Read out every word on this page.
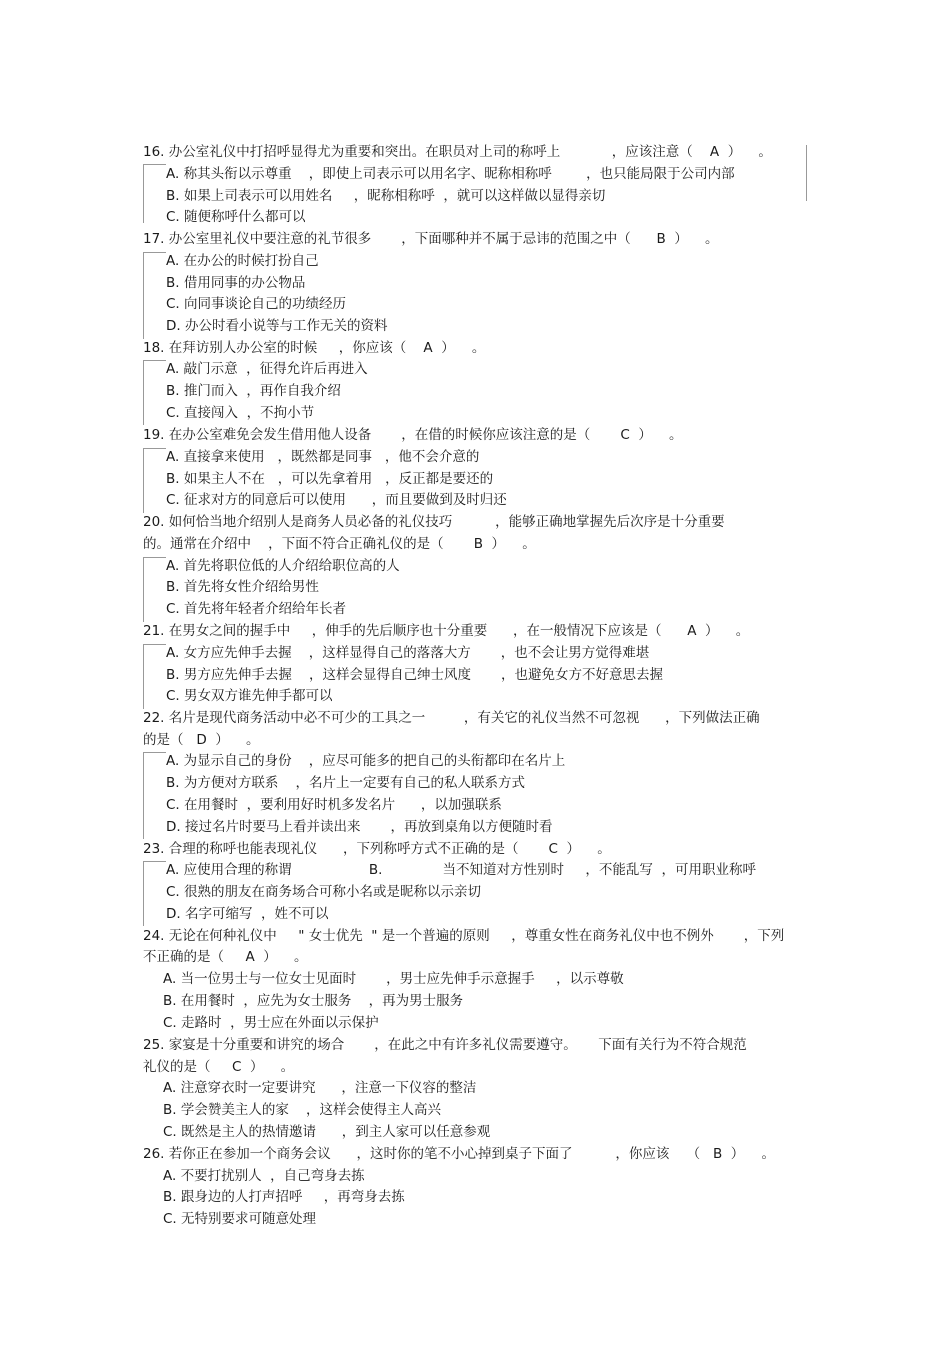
16. 办公室礼仪中打招呼显得尤为重要和突出。在职员对上司的称呼上            ，应该注意（    A  ）    。
A. 称其头衔以示尊重    ，即使上司表示可以用名字、昵称相称呼        ，也只能局限于公司内部
B. 如果上司表示可以用姓名     ，昵称相称呼  ，就可以这样做以显得亲切
C. 随便称呼什么都可以
17. 办公室里礼仪中要注意的礼节很多       ，下面哪种并不属于忌讳的范围之中（      B  ）    。
A. 在办公的时候打扮自己
B. 借用同事的办公物品
C. 向同事谈论自己的功绩经历
D. 办公时看小说等与工作无关的资料
18. 在拜访别人办公室的时候     ，你应该（    A  ）    。
A. 敲门示意  ，征得允许后再进入
B. 推门而入  ，再作自我介绍
C. 直接闯入  ，不拘小节
19. 在办公室难免会发生借用他人设备       ，在借的时候你应该注意的是（       C  ）    。
A. 直接拿来使用   ，既然都是同事   ，他不会介意的
B. 如果主人不在   ，可以先拿着用   ，反正都是要还的
C. 征求对方的同意后可以使用      ，而且要做到及时归还
20. 如何恰当地介绍别人是商务人员必备的礼仪技巧          ，能够正确地掌握先后次序是十分重要
的。通常在介绍中    ，下面不符合正确礼仪的是（       B  ）    。
A. 首先将职位低的人介绍给职位高的人
B. 首先将女性介绍给男性
C. 首先将年轻者介绍给年长者
21. 在男女之间的握手中     ，伸手的先后顺序也十分重要      ，在一般情况下应该是（      A  ）    。
A. 女方应先伸手去握    ，这样显得自己的落落大方       ，也不会让男方觉得难堪
B. 男方应先伸手去握    ，这样会显得自己绅士风度       ，也避免女方不好意思去握
C. 男女双方谁先伸手都可以
22. 名片是现代商务活动中必不可少的工具之一         ，有关它的礼仪当然不可忽视      ，下列做法正确
的是（   D  ）    。
A. 为显示自己的身份    ，应尽可能多的把自己的头衔都印在名片上
B. 为方便对方联系    ，名片上一定要有自己的私人联系方式
C. 在用餐时  ，要利用好时机多发名片      ，以加强联系
D. 接过名片时要马上看并读出来       ，再放到桌角以方便随时看
23. 合理的称呼也能表现礼仪      ，下列称呼方式不正确的是（       C  ）    。
A. 应使用合理的称谓                  B.              当不知道对方性别时     ，不能乱写  ，可用职业称呼
C. 很熟的朋友在商务场合可称小名或是昵称以示亲切
D. 名字可缩写  ，姓不可以
24. 无论在何种礼仪中     " 女士优先  " 是一个普遍的原则     ，尊重女性在商务礼仪中也不例外       ，下列
不正确的是（     A  ）    。
A. 当一位男士与一位女士见面时       ，男士应先伸手示意握手     ，以示尊敬
B. 在用餐时  ，应先为女士服务    ，再为男士服务
C. 走路时  ，男士应在外面以示保护
25. 家宴是十分重要和讲究的场合       ，在此之中有许多礼仪需要遵守。     下面有关行为不符合规范
礼仪的是（     C  ）    。
A. 注意穿衣时一定要讲究      ，注意一下仪容的整洁
B. 学会赞美主人的家    ，这样会使得主人高兴
C. 既然是主人的热情邀请      ，到主人家可以任意参观
26. 若你正在参加一个商务会议      ，这时你的笔不小心掉到桌子下面了          ，你应该    （   B  ）    。
A. 不要打扰别人  ，自己弯身去拣
B. 跟身边的人打声招呼     ，再弯身去拣
C. 无特别要求可随意处理
